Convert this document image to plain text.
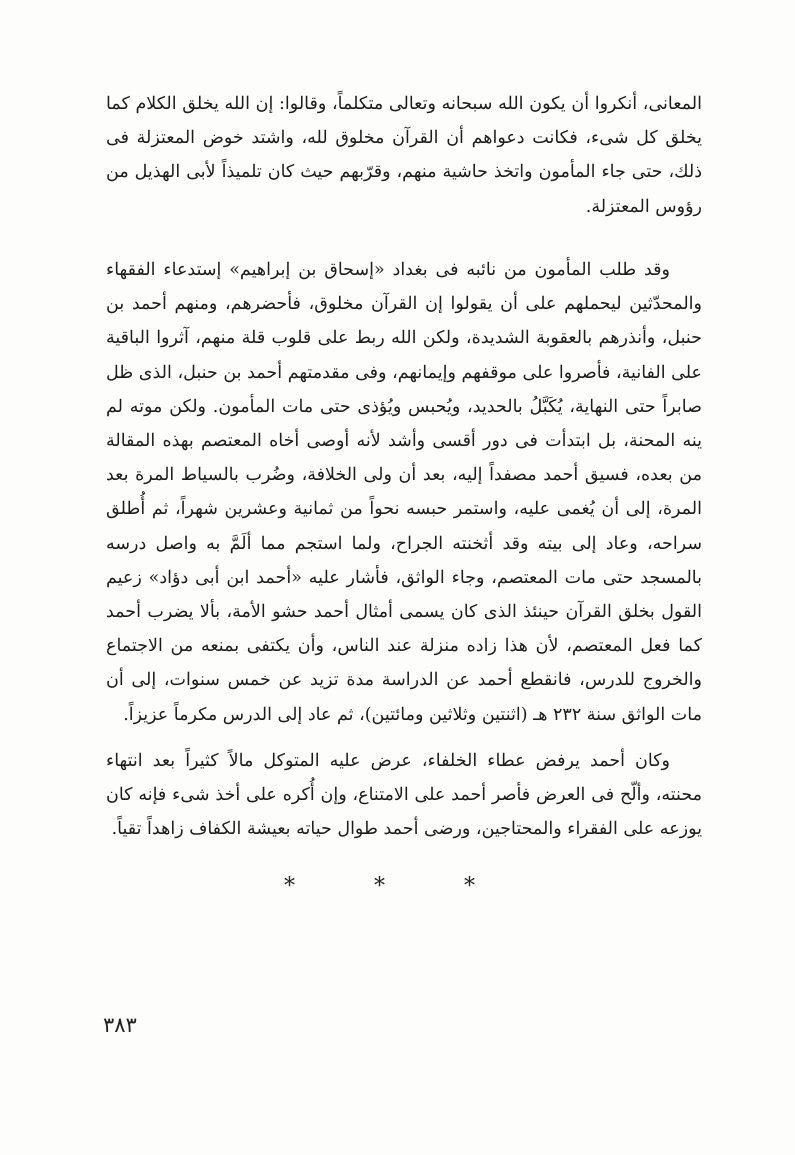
المعانى، أنكروا أن يكون الله سبحانه وتعالى متكلماً، وقالوا: إن الله يخلق الكلام كما يخلق كل شىء، فكانت دعواهم أن القرآن مخلوق لله، واشتد خوض المعتزلة فى ذلك، حتى جاء المأمون واتخذ حاشية منهم، وقرّبهم حيث كان تلميذاً لأبى الهذيل من رؤوس المعتزلة.

وقد طلب المأمون من نائبه فى بغداد «إسحاق بن إبراهيم» إستدعاء الفقهاء والمحدّثين ليحملهم على أن يقولوا إن القرآن مخلوق، فأحضرهم، ومنهم أحمد بن حنبل، وأنذرهم بالعقوبة الشديدة، ولكن الله ربط على قلوب قلة منهم، آثروا الباقية على الفانية، فأصروا على موقفهم وإيمانهم، وفى مقدمتهم أحمد بن حنبل، الذى ظل صابراً حتى النهاية، يُكَبَّلُ بالحديد، ويُحبس ويُؤذى حتى مات المأمون. ولكن موته لم ينه المحنة، بل ابتدأت فى دور أقسى وأشد لأنه أوصى أخاه المعتصم بهذه المقالة من بعده، فسيق أحمد مصفداً إليه، بعد أن ولى الخلافة، وضُرب بالسياط المرة بعد المرة، إلى أن يُغمى عليه، واستمر حبسه نحواً من ثمانية وعشرين شهراً، ثم أُطلق سراحه، وعاد إلى بيته وقد أثخنته الجراح، ولما استجم مما ألَمَّ به واصل درسه بالمسجد حتى مات المعتصم، وجاء الواثق، فأشار عليه «أحمد ابن أبى دؤاد» زعيم القول بخلق القرآن حينئذ الذى كان يسمى أمثال أحمد حشو الأمة، بألا يضرب أحمد كما فعل المعتصم، لأن هذا زاده منزلة عند الناس، وأن يكتفى بمنعه من الاجتماع والخروج للدرس، فانقطع أحمد عن الدراسة مدة تزيد عن خمس سنوات، إلى أن مات الواثق سنة ٢٣٢ هـ (اثنتين وثلاثين ومائتين)، ثم عاد إلى الدرس مكرماً عزيزاً.

وكان أحمد يرفض عطاء الخلفاء، عرض عليه المتوكل مالاً كثيراً بعد انتهاء محنته، وألّح فى العرض فأصر أحمد على الامتناع، وإن أُكره على أخذ شىء فإنه كان يوزعه على الفقراء والمحتاجين، ورضى أحمد طوال حياته بعيشة الكفاف زاهداً تقياً.

* * *
٣٨٣
